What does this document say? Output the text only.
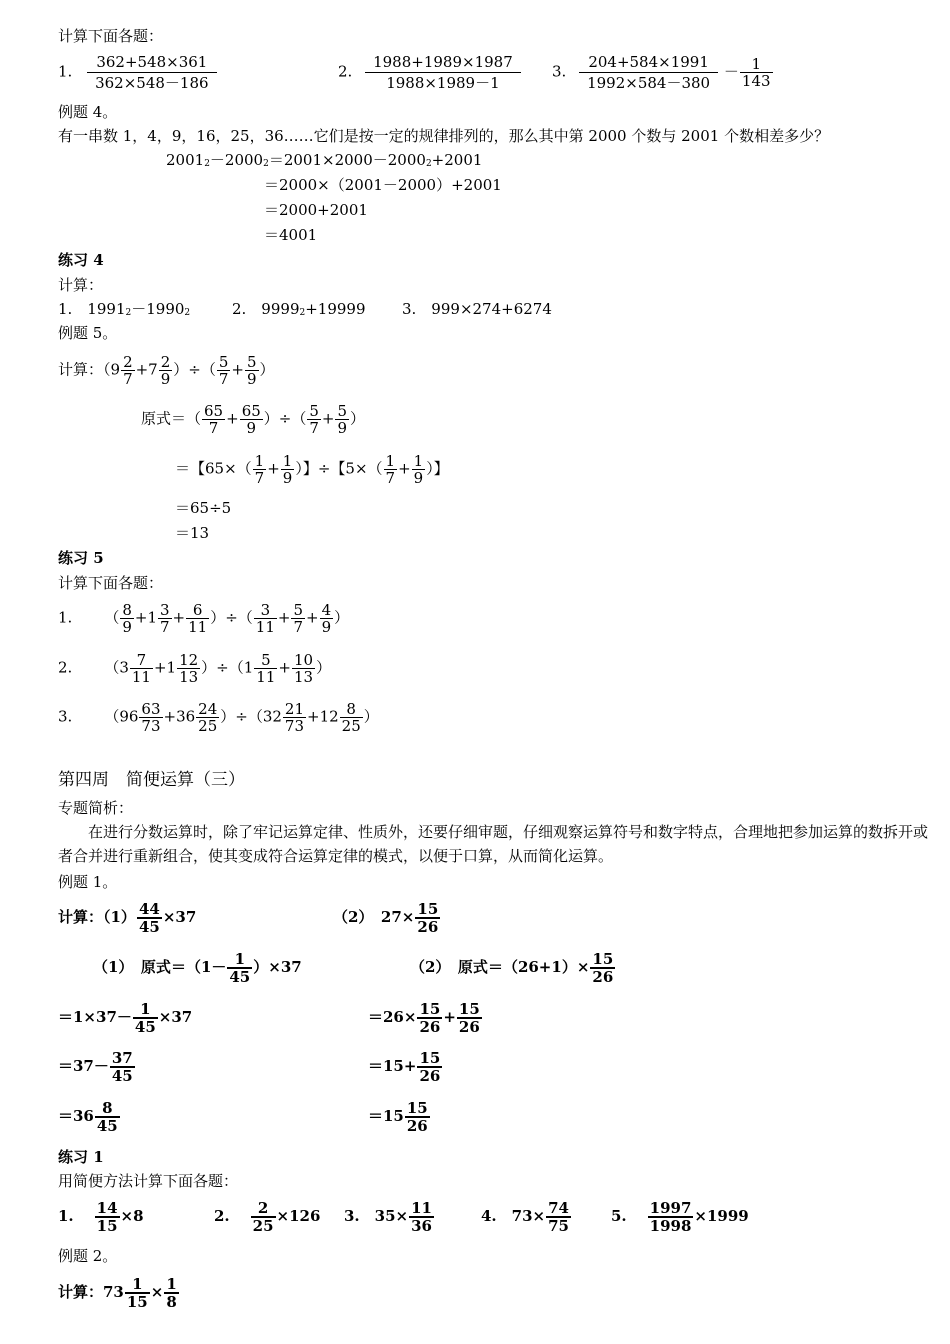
计算下面各题：
1. $\frac{362+548\times 361}{362\times 548-186}$	2. $\frac{1988+1989\times 1987}{1988\times 1989-1} 3$. $\frac{204+584\times 1991}{1992\times 584-380} - \frac{1}{143}$
例题 4。
有一串数 1，4，9，16，25，36……它们是按一定的规律排列的，那么其中第 2000 个数与 2001 个数相差多少？
$2001_2-2000_2=2001\times 2000-2000_2+2001$
＝2000×（2001－2000）+2001
＝2000+2001
＝4001
练习 4
计算：
1.　$1991_2-1990_2$	2.　$9999_2+19999$ 3.　999×274+6274
例题 5。
计算：（$9 \frac{2}{7} +7 \frac{2}{9}$ ）÷（ $\frac{5}{7} + \frac{5}{9}$ ）
原式＝（ $\frac{65}{7} + \frac{65}{9}$ ）÷（ $\frac{5}{7} + \frac{5}{9}$ ）
＝【$65\times( \frac{1}{7} + \frac{1}{9}$ ）】÷【$5\times( \frac{1}{7} + \frac{1}{9}$ ）】
＝65÷5
＝13
练习 5
计算下面各题：
1. （ $\frac{8}{9} +1 \frac{3}{7} + \frac{6}{11}$ ）÷（ $\frac{3}{11} + \frac{5}{7} + \frac{4}{9}$ ）
2. $(3 \frac{7}{11} +1 \frac{12}{13} )\div(1 \frac{5}{11} + \frac{10}{13}$ ）
3. $(96 \frac{63}{73} +36 \frac{24}{25} )\div(32 \frac{21}{73} +12 \frac{8}{25}$ ）
第四周　简便运算（三）
专题简析：
在进行分数运算时，除了牢记运算定律、性质外，还要仔细审题，仔细观察运算符号和数字特点，合理地把参加运算的数拆开或者合并进行重新组合，使其变成符合运算定律的模式，以便于口算，从而简化运算。
例题 1。
计算：$(1) \frac{44}{45} \times 37$	（2）　$27\times \frac{15}{26}$
（1）　原式$=(1- \frac{1}{45} )\times 37$
$=1\times 37- \frac{1}{45} \times 37$
$=37- \frac{37}{45}$
$=36 \frac{8}{45}$
（2）　原式$=(26+1)\times \frac{15}{26}$
$=26\times \frac{15}{26} + \frac{15}{26}$
$=15+ \frac{15}{26}$
$=15 \frac{15}{26}$
练习 1
用简便方法计算下面各题：
1. $\frac{14}{15} \times 8$	2. $\frac{2}{25} \times 126$ 3.　$35\times \frac{11}{36}$	4.　$73\times \frac{74}{75}$	5. $\frac{1997}{1998} \times 1999$
例题 2。
计算：$73 \frac{1}{15} \times \frac{1}{8}$
